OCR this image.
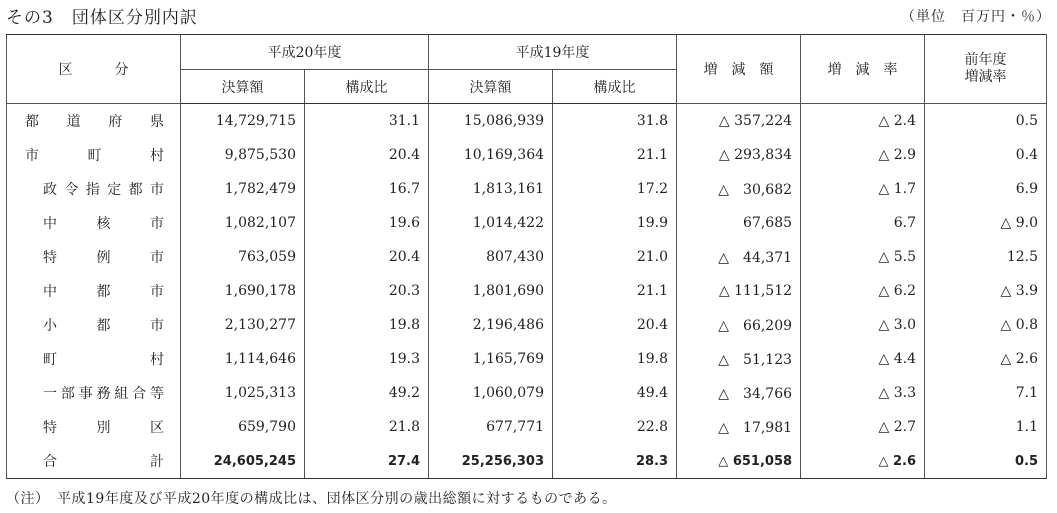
その3　団体区分別内訳	（単位　百万円・％）
区　　　分	平成20年度		平成19年度		増　減　額	増　減　率	前年度
増減率
	決算額	構成比	決算額	構成比			
都道府県	14,729,715	31.1	15,086,939	31.8	△ 357,224	△ 2.4	0.5
市町村	9,875,530	20.4	10,169,364	21.1	△ 293,834	△ 2.9	0.4
政令指定都市	1,782,479	16.7	1,813,161	17.2	△　30,682	△ 1.7	6.9
中核市	1,082,107	19.6	1,014,422	19.9	67,685	6.7	△ 9.0
特例市	763,059	20.4	807,430	21.0	△　44,371	△ 5.5	12.5
中都市	1,690,178	20.3	1,801,690	21.1	△ 111,512	△ 6.2	△ 3.9
小都市	2,130,277	19.8	2,196,486	20.4	△　66,209	△ 3.0	△ 0.8
町村	1,114,646	19.3	1,165,769	19.8	△　51,123	△ 4.4	△ 2.6
一部事務組合等	1,025,313	49.2	1,060,079	49.4	△　34,766	△ 3.3	7.1
特別区	659,790	21.8	677,771	22.8	△　17,981	△ 2.7	1.1
合計	24,605,245	27.4	25,256,303	28.3	△ 651,058	△ 2.6	0.5
（注）　平成19年度及び平成20年度の構成比は、団体区分別の歳出総額に対するものである。
